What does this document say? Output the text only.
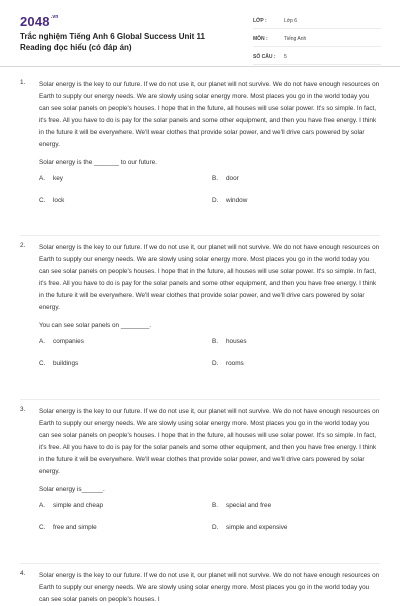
$2048^{.vn}$
Trắc nghiệm Tiếng Anh 6 Global Success Unit 11 Reading đọc hiểu (có đáp án)
LỚP :	Lớp 6
MÔN :	Tiếng Anh
SỐ CÂU :	5
1.	Solar energy is the key to our future. If we do not use it, our planet will not survive. We do not have enough resources on Earth to supply our energy needs. We are slowly using solar energy more. Most places you go in the world today you can see solar panels on people's houses. I hope that in the future, all houses will use solar power. It's so simple. In fact, it's free. All you have to do is pay for the solar panels and some other equipment, and then you have free energy. I think in the future it will be everywhere. We'll wear clothes that provide solar power, and we'll drive cars powered by solar energy.
Solar energy is the _______ to our future.
A. key	B. door
C. lock	D. window
2.	Solar energy is the key to our future. If we do not use it, our planet will not survive. We do not have enough resources on Earth to supply our energy needs. We are slowly using solar energy more. Most places you go in the world today you can see solar panels on people's houses. I hope that in the future, all houses will use solar power. It's so simple. In fact, it's free. All you have to do is pay for the solar panels and some other equipment, and then you have free energy. I think in the future it will be everywhere. We'll wear clothes that provide solar power, and we'll drive cars powered by solar energy.
You can see solar panels on ________.
A. companies	B. houses
C. buildings	D. rooms
3.	Solar energy is the key to our future. If we do not use it, our planet will not survive. We do not have enough resources on Earth to supply our energy needs. We are slowly using solar energy more. Most places you go in the world today you can see solar panels on people's houses. I hope that in the future, all houses will use solar power. It's so simple. In fact, it's free. All you have to do is pay for the solar panels and some other equipment, and then you have free energy. I think in the future it will be everywhere. We'll wear clothes that provide solar power, and we'll drive cars powered by solar energy.
Solar energy is______.
A. simple and cheap	B. special and free
C. free and simple	D. simple and expensive
4.	Solar energy is the key to our future. If we do not use it, our planet will not survive. We do not have enough resources on Earth to supply our energy needs. We are slowly using solar energy more. Most places you go in the world today you can see solar panels on people's houses. I
